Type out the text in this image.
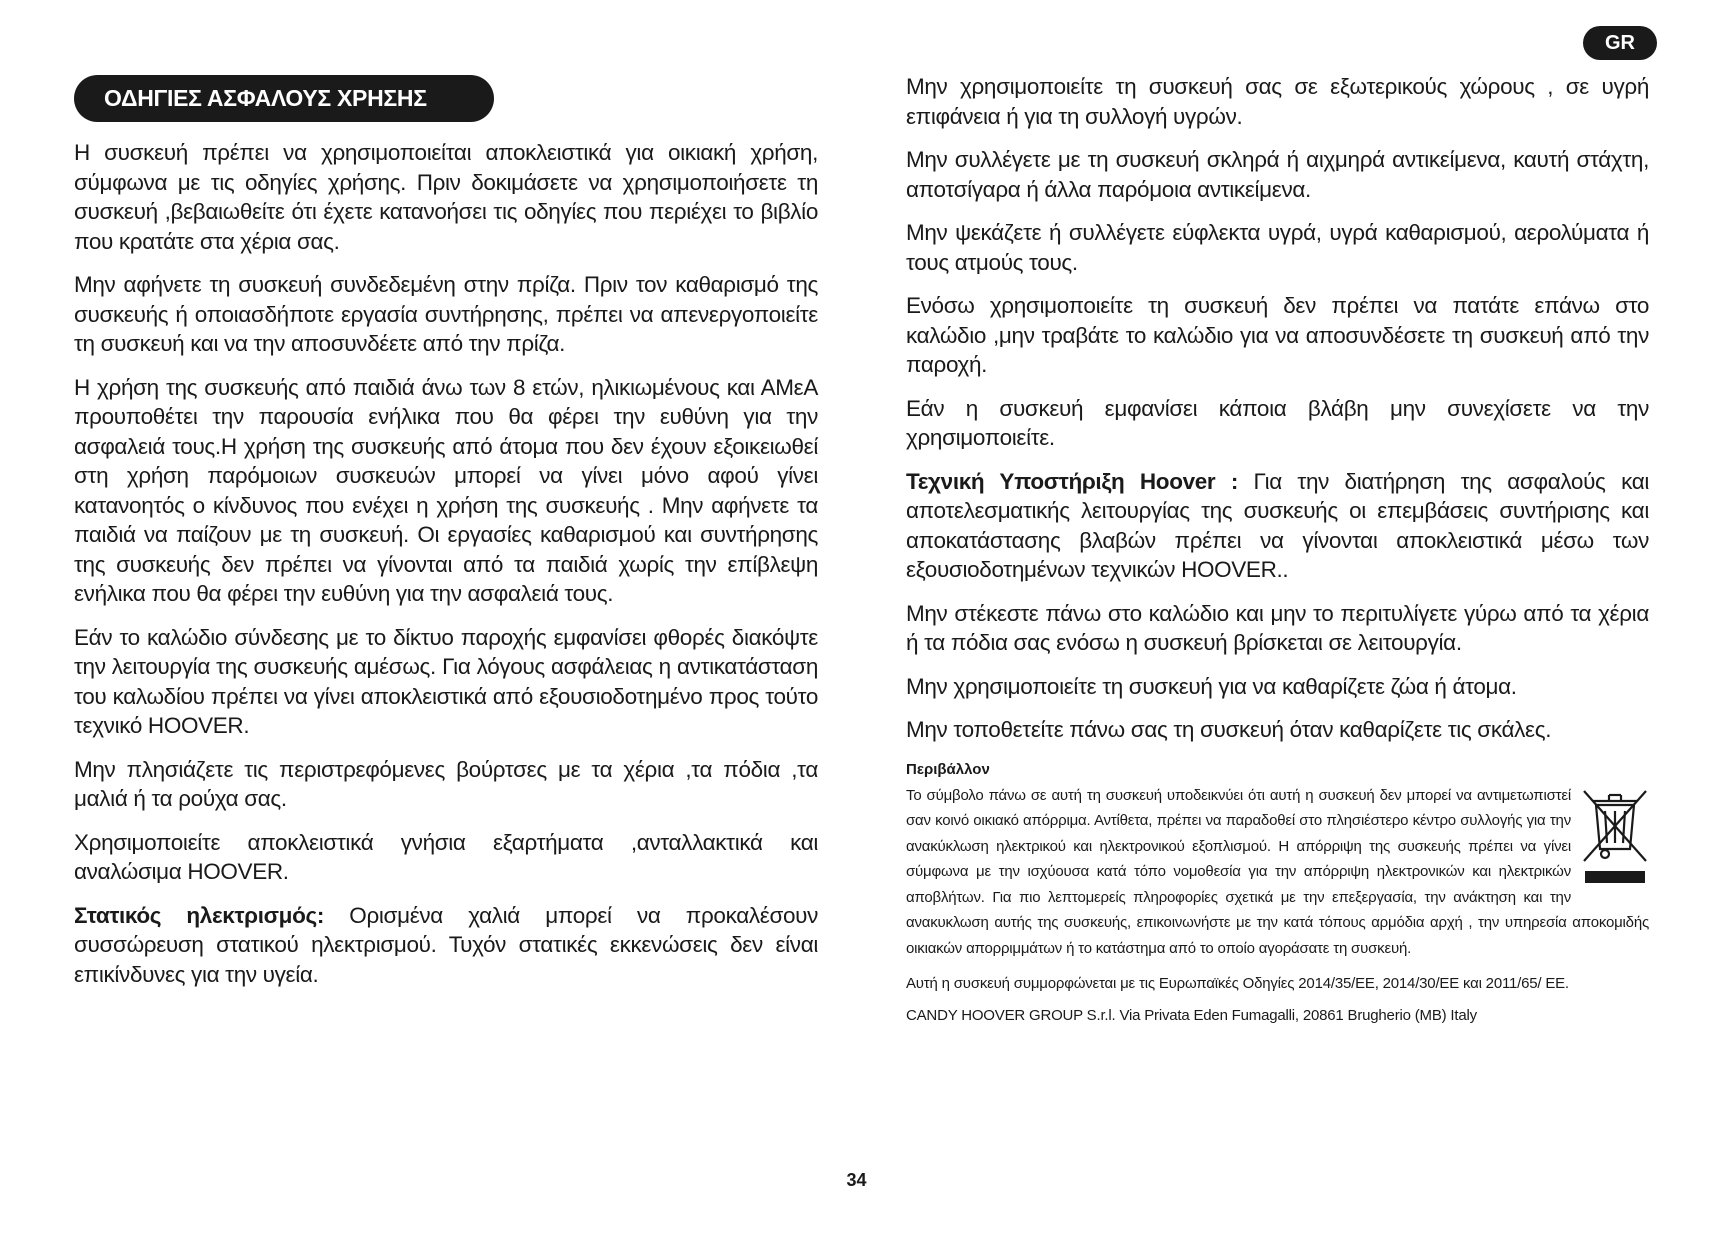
GR
ΟΔΗΓΙΕΣ ΑΣΦΑΛΟΥΣ ΧΡΗΣΗΣ

Η συσκευή πρέπει να χρησιμοποιείται αποκλειστικά για οικιακή χρήση, σύμφωνα με τις οδηγίες χρήσης. Πριν δοκιμάσετε να χρησιμοποιήσετε τη συσκευή ,βεβαιωθείτε ότι έχετε κατανοήσει τις οδηγίες που περιέχει το βιβλίο που κρατάτε στα χέρια σας.

Μην αφήνετε τη συσκευή συνδεδεμένη στην πρίζα. Πριν τον καθαρισμό της συσκευής ή οποιασδήποτε εργασία συντήρησης, πρέπει να απενεργοποιείτε τη συσκευή και να την αποσυνδέετε από την πρίζα.

Η χρήση της συσκευής από παιδιά άνω των 8 ετών, ηλικιωμένους και ΑΜεΑ προυποθέτει την παρουσία ενήλικα που θα φέρει την ευθύνη για την ασφαλειά τους.Η χρήση της συσκευής από άτομα που δεν έχουν εξοικειωθεί στη χρήση παρόμοιων συσκευών μπορεί να γίνει μόνο αφού γίνει κατανοητός ο κίνδυνος που ενέχει η χρήση της συσκευής . Μην αφήνετε τα παιδιά να παίζουν με τη συσκευή. Οι εργασίες καθαρισμού και συντήρησης της συσκευής δεν πρέπει να γίνονται από τα παιδιά χωρίς την επίβλεψη ενήλικα που θα φέρει την ευθύνη για την ασφαλειά τους.

Εάν το καλώδιο σύνδεσης με το δίκτυο παροχής εμφανίσει φθορές διακόψτε την λειτουργία της συσκευής αμέσως. Για λόγους ασφάλειας η αντικατάσταση του καλωδίου πρέπει να γίνει αποκλειστικά από εξουσιοδοτημένο προς τούτο τεχνικό HOOVER.

Μην πλησιάζετε τις περιστρεφόμενες βούρτσες με τα χέρια ,τα πόδια ,τα μαλιά ή τα ρούχα σας.

Χρησιμοποιείτε αποκλειστικά γνήσια εξαρτήματα ,ανταλλακτικά και αναλώσιμα HOOVER.

Στατικός ηλεκτρισμός: Ορισμένα χαλιά μπορεί να προκαλέσουν συσσώρευση στατικού ηλεκτρισμού. Τυχόν στατικές εκκενώσεις δεν είναι επικίνδυνες για την υγεία.

Μην χρησιμοποιείτε τη συσκευή σας σε εξωτερικούς χώρους , σε υγρή επιφάνεια ή για τη συλλογή υγρών.

Μην συλλέγετε με τη συσκευή σκληρά ή αιχμηρά αντικείμενα, καυτή στάχτη, αποτσίγαρα ή άλλα παρόμοια αντικείμενα.

Μην ψεκάζετε ή συλλέγετε εύφλεκτα υγρά, υγρά καθαρισμού, αερολύματα ή τους ατμούς τους.

Ενόσω χρησιμοποιείτε τη συσκευή δεν πρέπει να πατάτε επάνω στο καλώδιο ,μην τραβάτε το καλώδιο για να αποσυνδέσετε τη συσκευή από την παροχή.

Εάν η συσκευή εμφανίσει κάποια βλάβη μην συνεχίσετε να την χρησιμοποιείτε.

Τεχνική Υποστήριξη Hoover : Για την διατήρηση της ασφαλούς και αποτελεσματικής λειτουργίας της συσκευής οι επεμβάσεις συντήρισης και αποκατάστασης βλαβών πρέπει να γίνονται αποκλειστικά μέσω των εξουσιοδοτημένων τεχνικών HOOVER..

Μην στέκεστε πάνω στο καλώδιο και μην το περιτυλίγετε γύρω από τα χέρια ή τα πόδια σας ενόσω η συσκευή βρίσκεται σε λειτουργία.

Μην χρησιμοποιείτε τη συσκευή για να καθαρίζετε ζώα ή άτομα.

Μην τοποθετείτε πάνω σας τη συσκευή όταν καθαρίζετε τις σκάλες.

Περιβάλλον

Το σύμβολο πάνω σε αυτή τη συσκευή υποδεικνύει ότι αυτή η συσκευή δεν μπορεί να αντιμετωπιστεί σαν κοινό οικιακό απόρριμα. Αντίθετα, πρέπει να παραδοθεί στο πλησιέστερο κέντρο συλλογής για την ανακύκλωση ηλεκτρικού και ηλεκτρονικού εξοπλισμού. Η απόρριψη της συσκευής πρέπει να γίνει σύμφωνα με την ισχύουσα κατά τόπο νομοθεσία για την απόρριψη ηλεκτρονικών και ηλεκτρικών αποβλήτων. Για πιο λεπτομερείς πληροφορίες σχετικά με την επεξεργασία, την ανάκτηση και την ανακυκλωση αυτής της συσκευής, επικοινωνήστε με την κατά τόπους αρμόδια αρχή , την υπηρεσία αποκομιδής οικιακών απορριμμάτων ή το κατάστημα από το οποίο αγοράσατε τη συσκευή.

Αυτή η συσκευή συμμορφώνεται με τις Ευρωπαϊκές Οδηγίες 2014/35/EE, 2014/30/EE και 2011/65/ EE.

CANDY HOOVER GROUP S.r.l. Via Privata Eden Fumagalli, 20861 Brugherio (MB) Italy

34
